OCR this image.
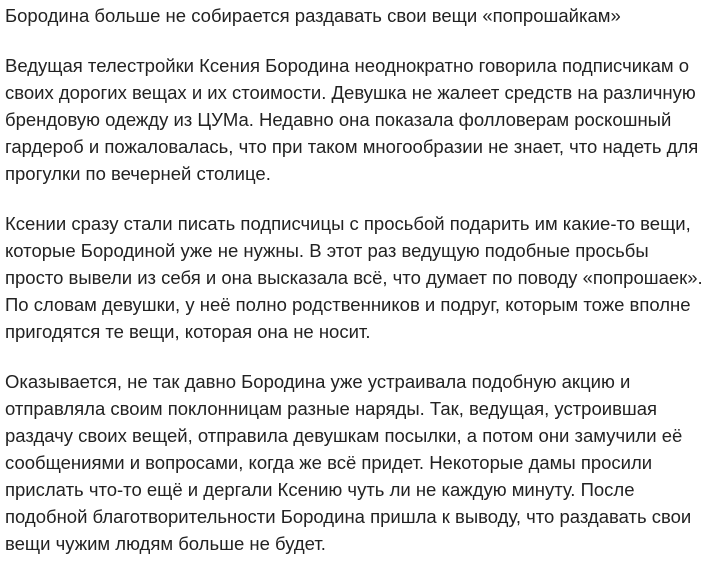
Бородина больше не собирается раздавать свои вещи «попрошайкам»

Ведущая телестройки Ксения Бородина неоднократно говорила подписчикам о своих дорогих вещах и их стоимости. Девушка не жалеет средств на различную брендовую одежду из ЦУМа. Недавно она показала фолловерам роскошный гардероб и пожаловалась, что при таком многообразии не знает, что надеть для прогулки по вечерней столице.

Ксении сразу стали писать подписчицы с просьбой подарить им какие-то вещи, которые Бородиной уже не нужны. В этот раз ведущую подобные просьбы просто вывели из себя и она высказала всё, что думает по поводу «попрошаек». По словам девушки, у неё полно родственников и подруг, которым тоже вполне пригодятся те вещи, которая она не носит.

Оказывается, не так давно Бородина уже устраивала подобную акцию и отправляла своим поклонницам разные наряды. Так, ведущая, устроившая раздачу своих вещей, отправила девушкам посылки, а потом они замучили её сообщениями и вопросами, когда же всё придет. Некоторые дамы просили прислать что-то ещё и дергали Ксению чуть ли не каждую минуту. После подобной благотворительности Бородина пришла к выводу, что раздавать свои вещи чужим людям больше не будет.
